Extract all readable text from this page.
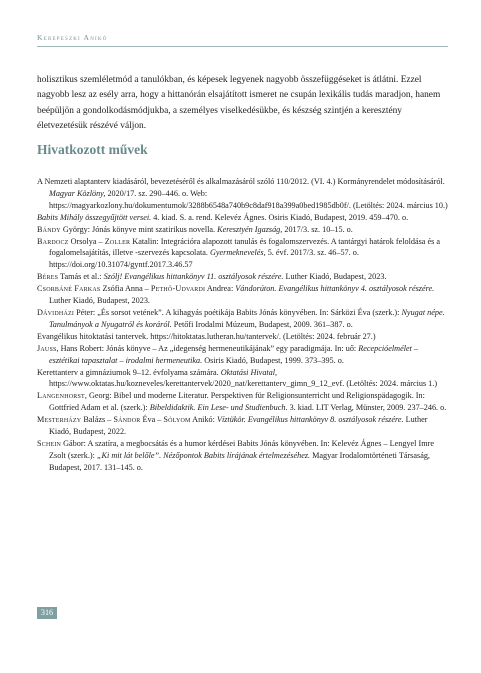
Kerepeszki Anikó

holisztikus szemléletmód a tanulókban, és képesek legyenek nagyobb összefüggéseket is átlátni. Ezzel nagyobb lesz az esély arra, hogy a hittanórán elsajátított ismeret ne csupán lexikális tudás maradjon, hanem beépüljön a gondolkodásmódjukba, a személyes viselkedésükbe, és készség szintjén a keresztény életvezetésük részévé váljon.

Hivatkozott művek
A Nemzeti alaptanterv kiadásáról, bevezetéséről és alkalmazásáról szóló 110/2012. (VI. 4.) Kormányrendelet módosításáról. Magyar Közlöny, 2020/17. sz. 290–446. o. Web: https://magyarkozlony.hu/dokumentumok/3288b6548a740b9c8daf918a399a0bed1985db0f/. (Letöltés: 2024. március 10.)
Babits Mihály összegyűjtött versei. 4. kiad. S. a. rend. Kelevéz Ágnes. Osiris Kiadó, Budapest, 2019. 459–470. o.
Bándy György: Jónás könyve mint szatirikus novella. Keresztyén Igazság, 2017/3. sz. 10–15. o.
Bardocz Orsolya – Zoller Katalin: Integrációra alapozott tanulás és fogalomszervezés. A tantárgyi határok feloldása és a fogalomelsajátítás, illetve -szervezés kapcsolata. Gyermeknevelés, 5. évf. 2017/3. sz. 46–57. o. https://doi.org/10.31074/gyntf.2017.3.46.57
Béres Tamás et al.: Szólj! Evangélikus hittankönyv 11. osztályosok részére. Luther Kiadó, Budapest, 2023.
Csorbáné Farkas Zsófia Anna – Pethő-Udvardi Andrea: Vándorúton. Evangélikus hittankönyv 4. osztályosok részére. Luther Kiadó, Budapest, 2023.
Dávidházi Péter: „És sorsot vetének”. A kihagyás poétikája Babits Jónás könyvében. In: Sárközi Éva (szerk.): Nyugat népe. Tanulmányok a Nyugatról és koráról. Petőfi Irodalmi Múzeum, Budapest, 2009. 361–387. o.
Evangélikus hitoktatási tantervek. https://hitoktatas.lutheran.hu/tantervek/. (Letöltés: 2024. február 27.)
Jauss, Hans Robert: Jónás könyve – Az „idegenség hermeneutikájának” egy paradigmája. In: uő: Recepcióelmélet – esztétikai tapasztalat – irodalmi hermeneutika. Osiris Kiadó, Budapest, 1999. 373–395. o.
Kerettanterv a gimnáziumok 9–12. évfolyama számára. Oktatási Hivatal, https://www.oktatas.hu/kozneveles/kerettantervek/2020_nat/kerettanterv_gimn_9_12_evf. (Letöltés: 2024. március 1.)
Langenhorst, Georg: Bibel und moderne Literatur. Perspektiven für Religionsunterricht und Religionspädagogik. In: Gottfried Adam et al. (szerk.): Bibeldidaktik. Ein Lese- und Studienbuch. 3. kiad. LIT Verlag, Münster, 2009. 237–246. o.
Mesterházy Balázs – Sándor Éva – Sólyom Anikó: Víztükör. Evangélikus hittankönyv 8. osztályosok részére. Luther Kiadó, Budapest, 2022.
Schein Gábor: A szatíra, a megbocsátás és a humor kérdései Babits Jónás könyvében. In: Kelevéz Ágnes – Lengyel Imre Zsolt (szerk.): „Ki mit lát belőle”. Nézőpontok Babits lírájának értelmezéséhez. Magyar Irodalomtörténeti Társaság, Budapest, 2017. 131–145. o.
316
